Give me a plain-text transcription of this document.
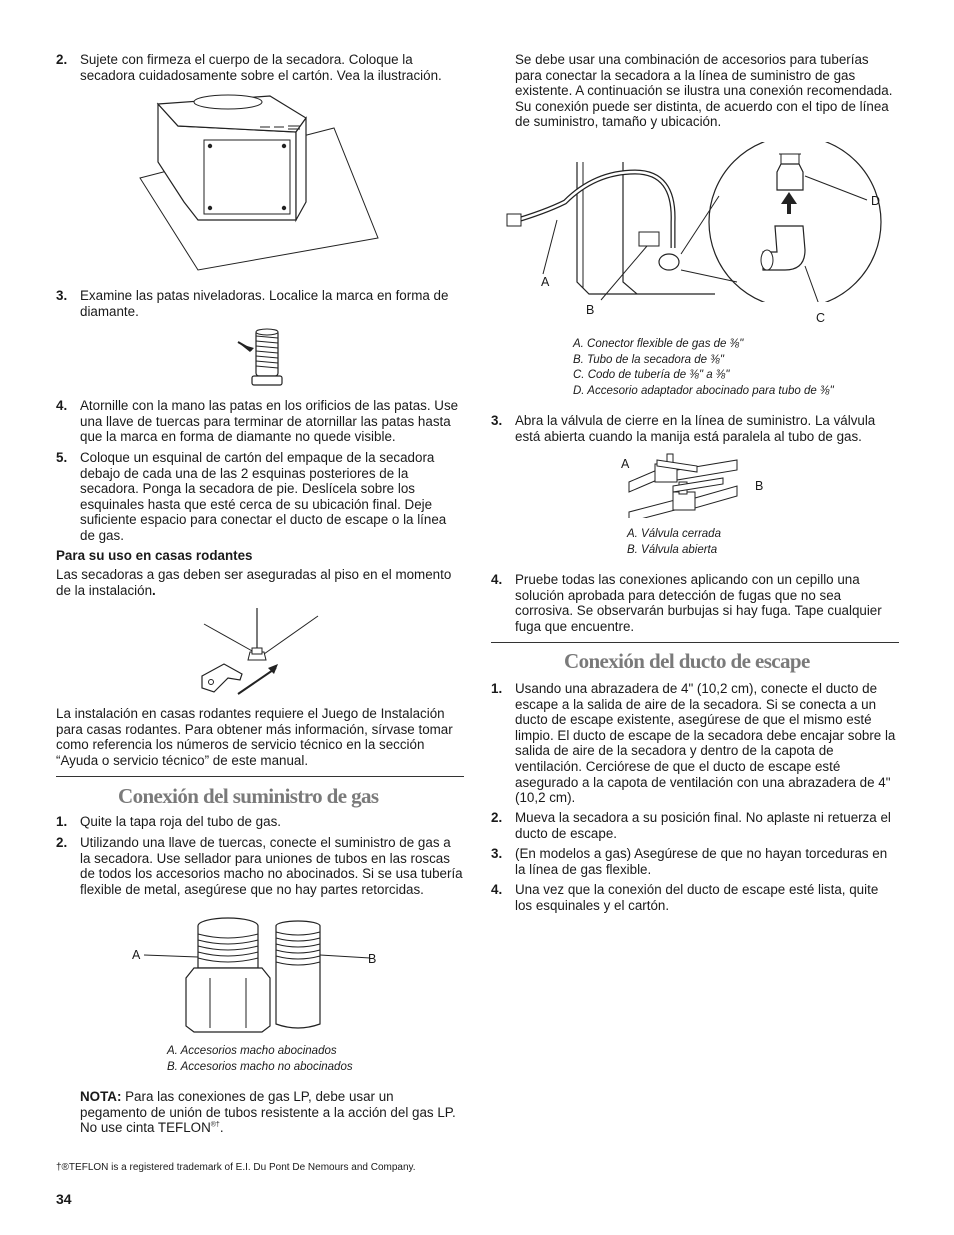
2. Sujete con firmeza el cuerpo de la secadora. Coloque la secadora cuidadosamente sobre el cartón. Vea la ilustración.
3. Examine las patas niveladoras. Localice la marca en forma de diamante.
4. Atornille con la mano las patas en los orificios de las patas. Use una llave de tuercas para terminar de atornillar las patas hasta que la marca en forma de diamante no quede visible.
5. Coloque un esquinal de cartón del empaque de la secadora debajo de cada una de las 2 esquinas posteriores de la secadora. Ponga la secadora de pie. Deslícela sobre los esquinales hasta que esté cerca de su ubicación final. Deje suficiente espacio para conectar el ducto de escape o la línea de gas.
Para su uso en casas rodantes
Las secadoras a gas deben ser aseguradas al piso en el momento de la instalación.
La instalación en casas rodantes requiere el Juego de Instalación para casas rodantes. Para obtener más información, sírvase tomar como referencia los números de servicio técnico en la sección “Ayuda o servicio técnico” de este manual.
Conexión del suministro de gas
1. Quite la tapa roja del tubo de gas.
2. Utilizando una llave de tuercas, conecte el suministro de gas a la secadora. Use sellador para uniones de tubos en las roscas de todos los accesorios macho no abocinados. Si se usa tubería flexible de metal, asegúrese que no hay partes retorcidas.
A	B
A. Accesorios macho abocinados
B. Accesorios macho no abocinados
NOTA: Para las conexiones de gas LP, debe usar un pegamento de unión de tubos resistente a la acción del gas LP. No use cinta TEFLON®†.
†®TEFLON is a registered trademark of E.I. Du Pont De Nemours and Company.
34
Se debe usar una combinación de accesorios para tuberías para conectar la secadora a la línea de suministro de gas existente. A continuación se ilustra una conexión recomendada. Su conexión puede ser distinta, de acuerdo con el tipo de línea de suministro, tamaño y ubicación.
A
B
C
D
A. Conector flexible de gas de ⅜"
B. Tubo de la secadora de ⅜"
C. Codo de tubería de ⅜" a ⅜"
D. Accesorio adaptador abocinado para tubo de ⅜"
3. Abra la válvula de cierre en la línea de suministro. La válvula está abierta cuando la manija está paralela al tubo de gas.
A
B
A. Válvula cerrada
B. Válvula abierta
4. Pruebe todas las conexiones aplicando con un cepillo una solución aprobada para detección de fugas que no sea corrosiva. Se observarán burbujas si hay fuga. Tape cualquier fuga que encuentre.
Conexión del ducto de escape
1. Usando una abrazadera de 4" (10,2 cm), conecte el ducto de escape a la salida de aire de la secadora. Si se conecta a un ducto de escape existente, asegúrese de que el mismo esté limpio. El ducto de escape de la secadora debe encajar sobre la salida de aire de la secadora y dentro de la capota de ventilación. Cerciórese de que el ducto de escape esté asegurado a la capota de ventilación con una abrazadera de 4" (10,2 cm).
2. Mueva la secadora a su posición final. No aplaste ni retuerza el ducto de escape.
3. (En modelos a gas) Asegúrese de que no hayan torceduras en la línea de gas flexible.
4. Una vez que la conexión del ducto de escape esté lista, quite los esquinales y el cartón.
